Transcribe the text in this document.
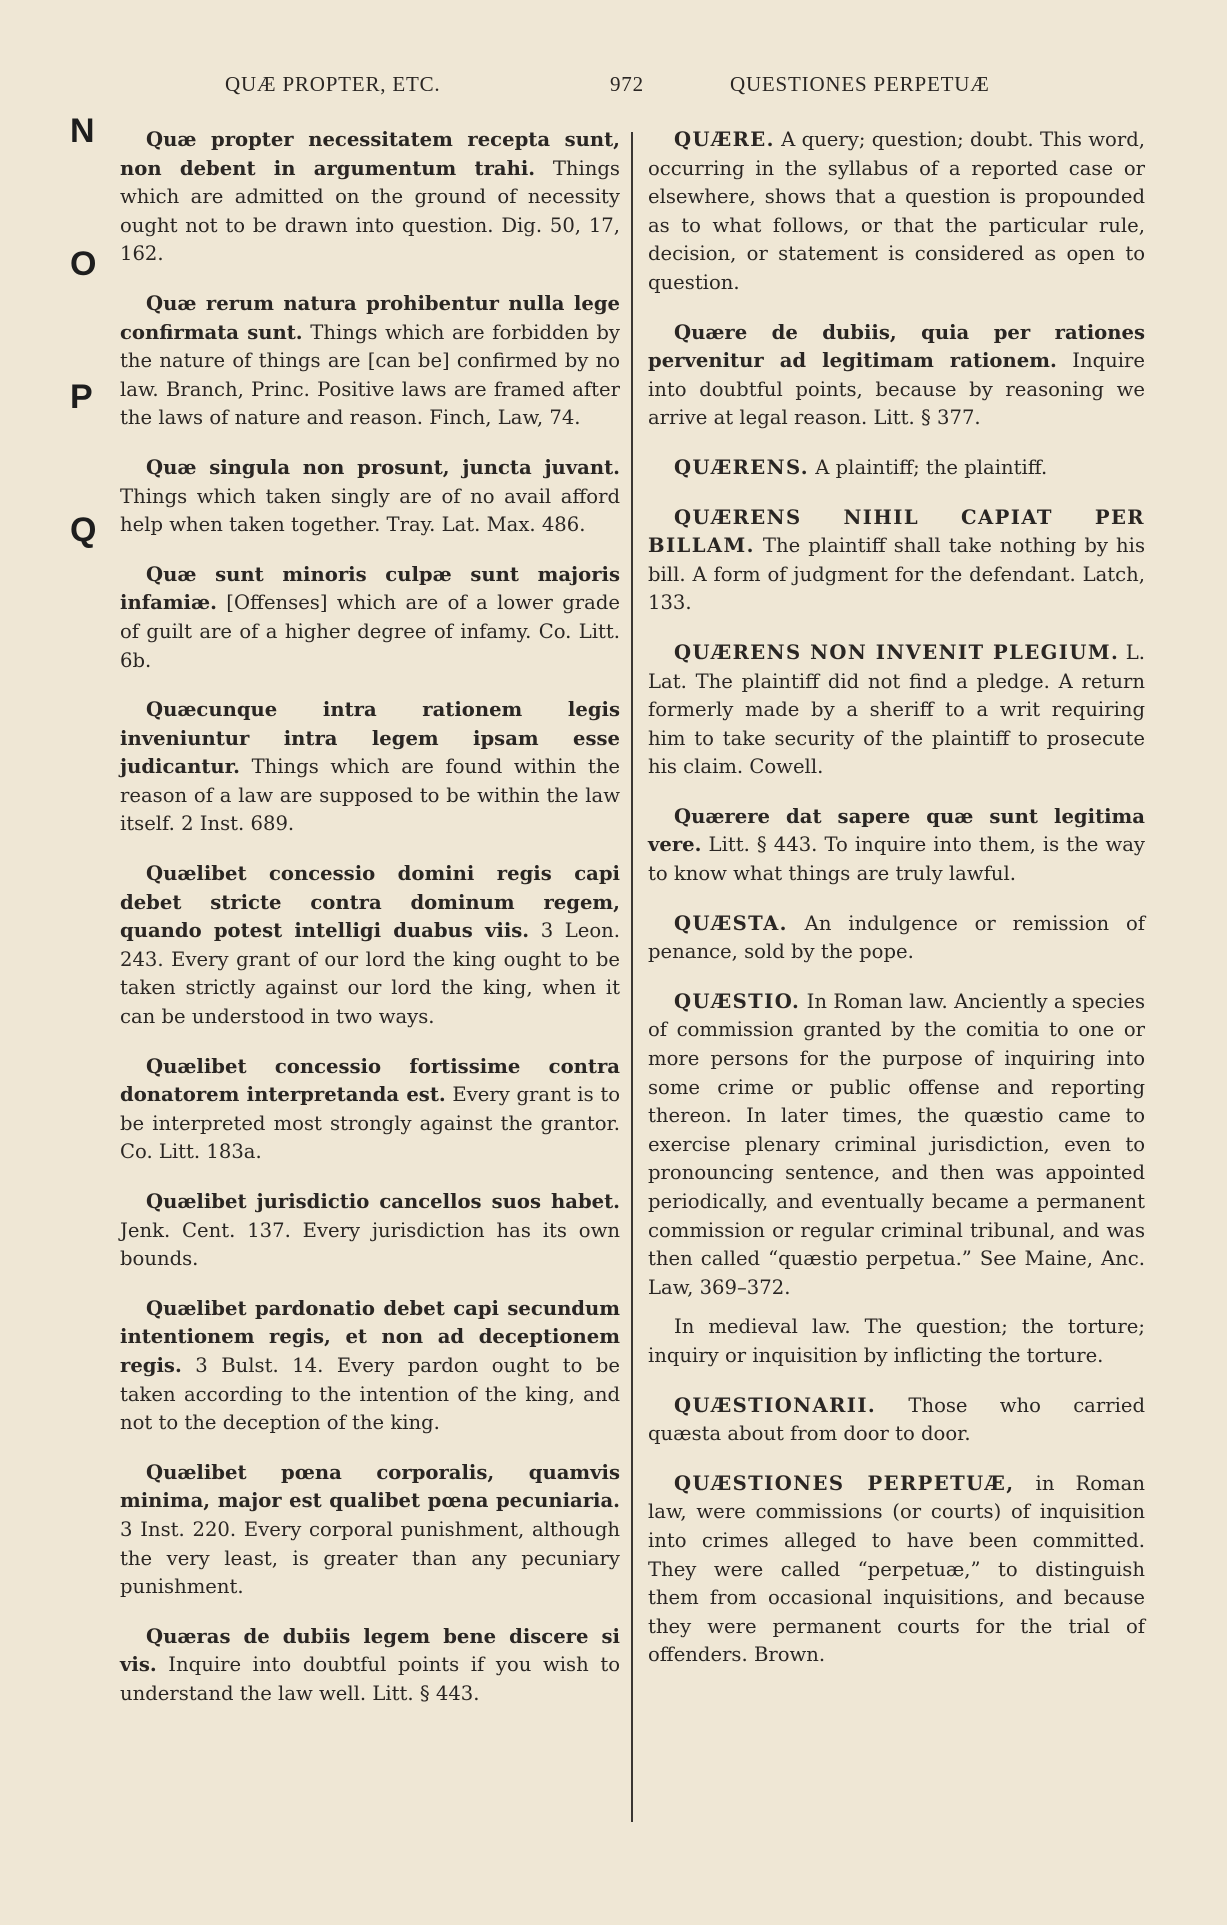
QUÆ PROPTER, ETC.	972	QUESTIONES PERPETUÆ
N
O
P
Q

Quæ propter necessitatem recepta sunt, non debent in argumentum trahi. Things which are admitted on the ground of necessity ought not to be drawn into question. Dig. 50, 17, 162.

Quæ rerum natura prohibentur nulla lege confirmata sunt. Things which are forbidden by the nature of things are [can be] confirmed by no law. Branch, Princ. Positive laws are framed after the laws of nature and reason. Finch, Law, 74.

Quæ singula non prosunt, juncta juvant. Things which taken singly are of no avail afford help when taken together. Tray. Lat. Max. 486.

Quæ sunt minoris culpæ sunt majoris infamiæ. [Offenses] which are of a lower grade of guilt are of a higher degree of infamy. Co. Litt. 6b.

Quæcunque intra rationem legis inveniuntur intra legem ipsam esse judicantur. Things which are found within the reason of a law are supposed to be within the law itself. 2 Inst. 689.

Quælibet concessio domini regis capi debet stricte contra dominum regem, quando potest intelligi duabus viis. 3 Leon. 243. Every grant of our lord the king ought to be taken strictly against our lord the king, when it can be understood in two ways.

Quælibet concessio fortissime contra donatorem interpretanda est. Every grant is to be interpreted most strongly against the grantor. Co. Litt. 183a.

Quælibet jurisdictio cancellos suos habet. Jenk. Cent. 137. Every jurisdiction has its own bounds.

Quælibet pardonatio debet capi secundum intentionem regis, et non ad deceptionem regis. 3 Bulst. 14. Every pardon ought to be taken according to the intention of the king, and not to the deception of the king.

Quælibet pœna corporalis, quamvis minima, major est qualibet pœna pecuniaria. 3 Inst. 220. Every corporal punishment, although the very least, is greater than any pecuniary punishment.

Quæras de dubiis legem bene discere si vis. Inquire into doubtful points if you wish to understand the law well. Litt. § 443.

QUÆRE. A query; question; doubt. This word, occurring in the syllabus of a reported case or elsewhere, shows that a question is propounded as to what follows, or that the particular rule, decision, or statement is considered as open to question.

Quære de dubiis, quia per rationes pervenitur ad legitimam rationem. Inquire into doubtful points, because by reasoning we arrive at legal reason. Litt. § 377.

QUÆRENS. A plaintiff; the plaintiff.

QUÆRENS NIHIL CAPIAT PER BILLAM. The plaintiff shall take nothing by his bill. A form of judgment for the defendant. Latch, 133.

QUÆRENS NON INVENIT PLEGIUM. L. Lat. The plaintiff did not find a pledge. A return formerly made by a sheriff to a writ requiring him to take security of the plaintiff to prosecute his claim. Cowell.

Quærere dat sapere quæ sunt legitima vere. Litt. § 443. To inquire into them, is the way to know what things are truly lawful.

QUÆSTA. An indulgence or remission of penance, sold by the pope.

QUÆSTIO. In Roman law. Anciently a species of commission granted by the comitia to one or more persons for the purpose of inquiring into some crime or public offense and reporting thereon. In later times, the quæstio came to exercise plenary criminal jurisdiction, even to pronouncing sentence, and then was appointed periodically, and eventually became a permanent commission or regular criminal tribunal, and was then called “quæstio perpetua.” See Maine, Anc. Law, 369–372.

In medieval law. The question; the torture; inquiry or inquisition by inflicting the torture.

QUÆSTIONARII. Those who carried quæsta about from door to door.

QUÆSTIONES PERPETUÆ, in Roman law, were commissions (or courts) of inquisition into crimes alleged to have been committed. They were called “perpetuæ,” to distinguish them from occasional inquisitions, and because they were permanent courts for the trial of offenders. Brown.
